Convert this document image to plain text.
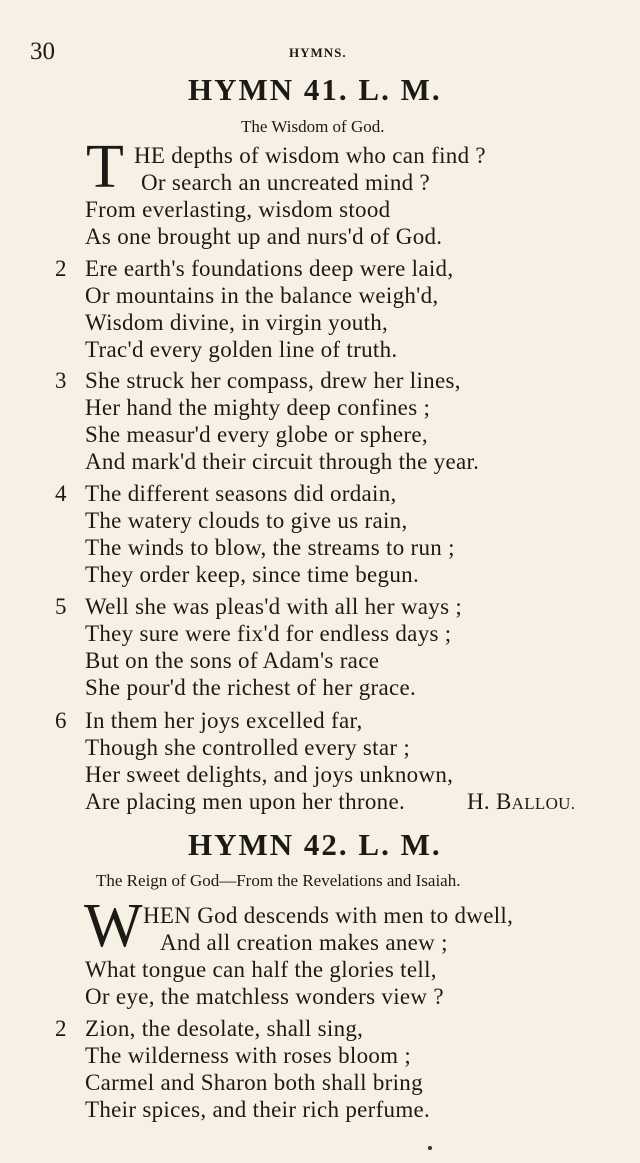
30	HYMNS.
HYMN 41. L. M.
The Wisdom of God.
T HE depths of wisdom who can find ?
Or search an uncreated mind ?
From everlasting, wisdom stood
As one brought up and nurs'd of God.
2 Ere earth's foundations deep were laid,
Or mountains in the balance weigh'd,
Wisdom divine, in virgin youth,
Trac'd every golden line of truth.
3 She struck her compass, drew her lines,
Her hand the mighty deep confines ;
She measur'd every globe or sphere,
And mark'd their circuit through the year.
4 The different seasons did ordain,
The watery clouds to give us rain,
The winds to blow, the streams to run ;
They order keep, since time begun.
5 Well she was pleas'd with all her ways ;
They sure were fix'd for endless days ;
But on the sons of Adam's race
She pour'd the richest of her grace.
6 In them her joys excelled far,
Though she controlled every star ;
Her sweet delights, and joys unknown,
Are placing men upon her throne.	H. BALLOU.
HYMN 42. L. M.
The Reign of God—From the Revelations and Isaiah.
W HEN God descends with men to dwell,
And all creation makes anew ;
What tongue can half the glories tell,
Or eye, the matchless wonders view ?
2 Zion, the desolate, shall sing,
The wilderness with roses bloom ;
Carmel and Sharon both shall bring
Their spices, and their rich perfume.
